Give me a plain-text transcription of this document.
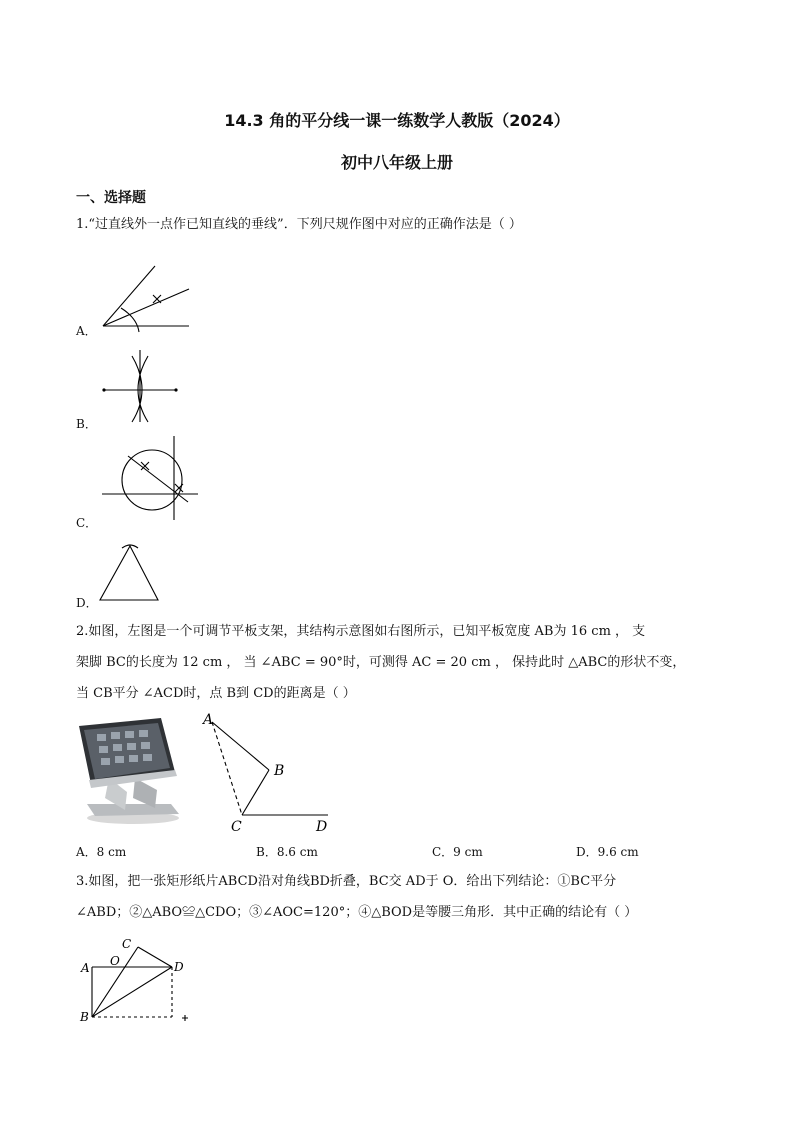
14.3 角的平分线一课一练数学人教版（2024）
初中八年级上册
一、选择题
1.“过直线外一点作已知直线的垂线”．下列尺规作图中对应的正确作法是（ ）
A．
B．
C．
D．
2.如图，左图是一个可调节平板支架，其结构示意图如右图所示，已知平板宽度 AB为 16 cm ， 支
架脚 BC的长度为 12 cm ， 当 ∠ABC = 90°时，可测得 AC = 20 cm ， 保持此时 △ABC的形状不变，
当 CB平分 ∠ACD时，点 B到 CD的距离是（ ）
A
B
C	D
A．8 cm	B．8.6 cm	C．9 cm	D．9.6 cm
3.如图，把一张矩形纸片ABCD沿对角线BD折叠，BC交 AD于 O．给出下列结论：①BC平分
∠ABD；②△ABO≌△CDO；③∠AOC=120°；④△BOD是等腰三角形．其中正确的结论有（ ）
A
B
C
D
O
